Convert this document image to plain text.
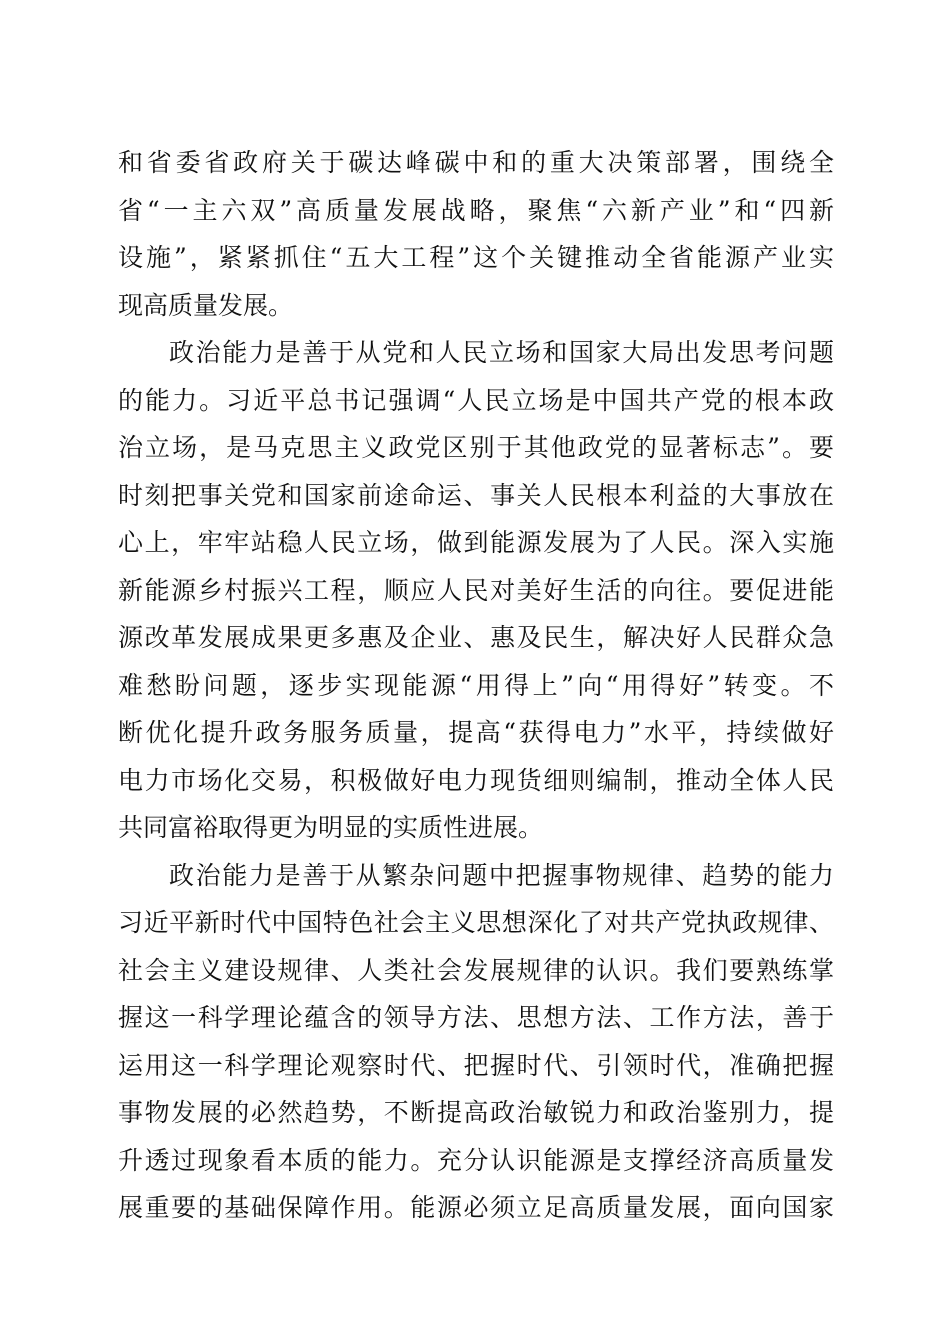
和省委省政府关于碳达峰碳中和的重大决策部署，围绕全
省“一主六双”高质量发展战略，聚焦“六新产业”和“四新
设施”，紧紧抓住“五大工程”这个关键推动全省能源产业实
现高质量发展。
政治能力是善于从党和人民立场和国家大局出发思考问题
的能力。习近平总书记强调“人民立场是中国共产党的根本政
治立场，是马克思主义政党区别于其他政党的显著标志”。要
时刻把事关党和国家前途命运、事关人民根本利益的大事放在
心上，牢牢站稳人民立场，做到能源发展为了人民。深入实施
新能源乡村振兴工程，顺应人民对美好生活的向往。要促进能
源改革发展成果更多惠及企业、惠及民生，解决好人民群众急
难愁盼问题，逐步实现能源“用得上”向“用得好”转变。不
断优化提升政务服务质量，提高“获得电力”水平，持续做好
电力市场化交易，积极做好电力现货细则编制，推动全体人民
共同富裕取得更为明显的实质性进展。
政治能力是善于从繁杂问题中把握事物规律、趋势的能力
习近平新时代中国特色社会主义思想深化了对共产党执政规律、
社会主义建设规律、人类社会发展规律的认识。我们要熟练掌
握这一科学理论蕴含的领导方法、思想方法、工作方法，善于
运用这一科学理论观察时代、把握时代、引领时代，准确把握
事物发展的必然趋势，不断提高政治敏锐力和政治鉴别力，提
升透过现象看本质的能力。充分认识能源是支撑经济高质量发
展重要的基础保障作用。能源必须立足高质量发展，面向国家
